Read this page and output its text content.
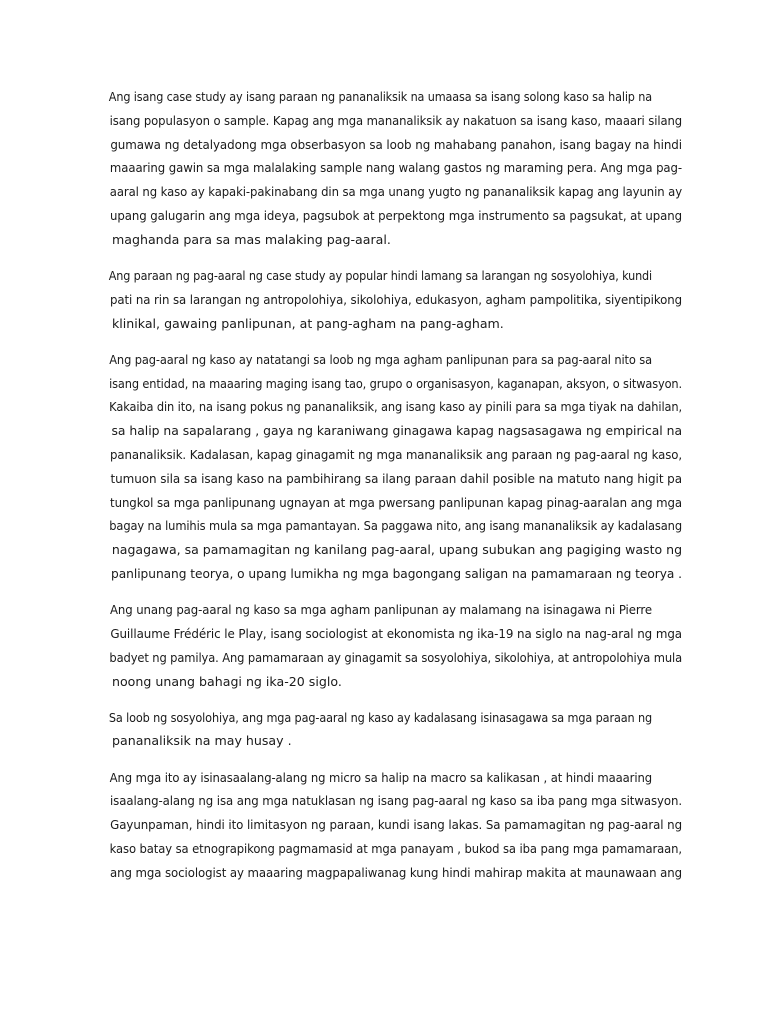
Ang isang case study ay isang paraan ng pananaliksik na umaasa sa isang solong kaso sa halip na
isang populasyon o sample. Kapag ang mga mananaliksik ay nakatuon sa isang kaso, maaari silang
gumawa ng detalyadong mga obserbasyon sa loob ng mahabang panahon, isang bagay na hindi
maaaring gawin sa mga malalaking sample nang walang gastos ng maraming pera. Ang mga pag-
aaral ng kaso ay kapaki-pakinabang din sa mga unang yugto ng pananaliksik kapag ang layunin ay
upang galugarin ang mga ideya, pagsubok at perpektong mga instrumento sa pagsukat, at upang
maghanda para sa mas malaking pag-aaral.
Ang paraan ng pag-aaral ng case study ay popular hindi lamang sa larangan ng sosyolohiya, kundi
pati na rin sa larangan ng antropolohiya, sikolohiya, edukasyon, agham pampolitika, siyentipikong
klinikal, gawaing panlipunan, at pang-agham na pang-agham.
Ang pag-aaral ng kaso ay natatangi sa loob ng mga agham panlipunan para sa pag-aaral nito sa
isang entidad, na maaaring maging isang tao, grupo o organisasyon, kaganapan, aksyon, o sitwasyon.
Kakaiba din ito, na isang pokus ng pananaliksik, ang isang kaso ay pinili para sa mga tiyak na dahilan,
sa halip na sapalarang , gaya ng karaniwang ginagawa kapag nagsasagawa ng empirical na
pananaliksik. Kadalasan, kapag ginagamit ng mga mananaliksik ang paraan ng pag-aaral ng kaso,
tumuon sila sa isang kaso na pambihirang sa ilang paraan dahil posible na matuto nang higit pa
tungkol sa mga panlipunang ugnayan at mga pwersang panlipunan kapag pinag-aaralan ang mga
bagay na lumihis mula sa mga pamantayan. Sa paggawa nito, ang isang mananaliksik ay kadalasang
nagagawa, sa pamamagitan ng kanilang pag-aaral, upang subukan ang pagiging wasto ng
panlipunang teorya, o upang lumikha ng mga bagongang saligan na pamamaraan ng teorya .
Ang unang pag-aaral ng kaso sa mga agham panlipunan ay malamang na isinagawa ni Pierre
Guillaume Frédéric le Play, isang sociologist at ekonomista ng ika-19 na siglo na nag-aral ng mga
badyet ng pamilya. Ang pamamaraan ay ginagamit sa sosyolohiya, sikolohiya, at antropolohiya mula
noong unang bahagi ng ika-20 siglo.
Sa loob ng sosyolohiya, ang mga pag-aaral ng kaso ay kadalasang isinasagawa sa mga paraan ng
pananaliksik na may husay .
Ang mga ito ay isinasaalang-alang ng micro sa halip na macro sa kalikasan , at hindi maaaring
isaalang-alang ng isa ang mga natuklasan ng isang pag-aaral ng kaso sa iba pang mga sitwasyon.
Gayunpaman, hindi ito limitasyon ng paraan, kundi isang lakas. Sa pamamagitan ng pag-aaral ng
kaso batay sa etnograpikong pagmamasid at mga panayam , bukod sa iba pang mga pamamaraan,
ang mga sociologist ay maaaring magpapaliwanag kung hindi mahirap makita at maunawaan ang
